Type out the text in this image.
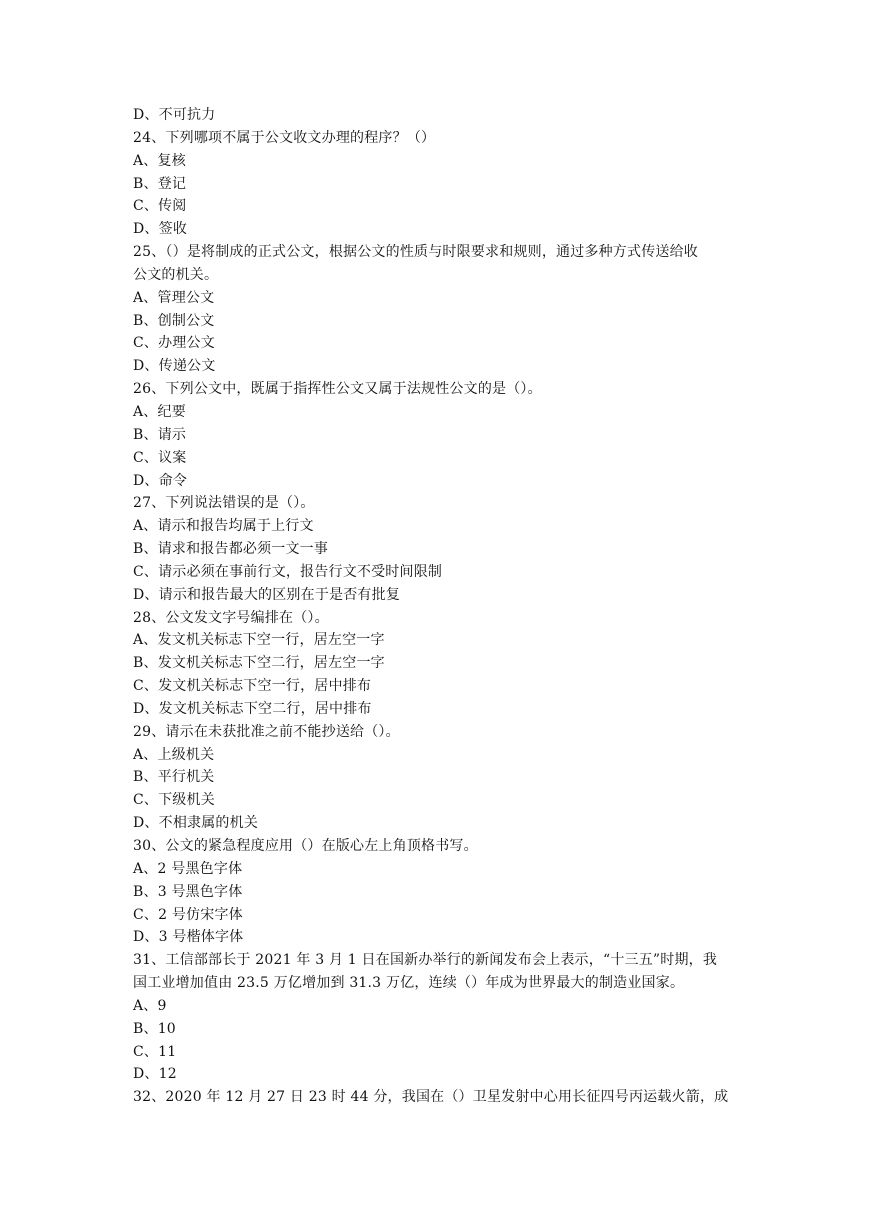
D、不可抗力
24、下列哪项不属于公文收文办理的程序？（）
A、复核
B、登记
C、传阅
D、签收
25、（）是将制成的正式公文，根据公文的性质与时限要求和规则，通过多种方式传送给收
公文的机关。
A、管理公文
B、创制公文
C、办理公文
D、传递公文
26、下列公文中，既属于指挥性公文又属于法规性公文的是（）。
A、纪要
B、请示
C、议案
D、命令
27、下列说法错误的是（）。
A、请示和报告均属于上行文
B、请求和报告都必须一文一事
C、请示必须在事前行文，报告行文不受时间限制
D、请示和报告最大的区别在于是否有批复
28、公文发文字号编排在（）。
A、发文机关标志下空一行，居左空一字
B、发文机关标志下空二行，居左空一字
C、发文机关标志下空一行，居中排布
D、发文机关标志下空二行，居中排布
29、请示在未获批准之前不能抄送给（）。
A、上级机关
B、平行机关
C、下级机关
D、不相隶属的机关
30、公文的紧急程度应用（）在版心左上角顶格书写。
A、2 号黑色字体
B、3 号黑色字体
C、2 号仿宋字体
D、3 号楷体字体
31、工信部部长于 2021 年 3 月 1 日在国新办举行的新闻发布会上表示，“十三五”时期，我
国工业增加值由 23.5 万亿增加到 31.3 万亿，连续（）年成为世界最大的制造业国家。
A、9
B、10
C、11
D、12
32、2020 年 12 月 27 日 23 时 44 分，我国在（）卫星发射中心用长征四号丙运载火箭，成
